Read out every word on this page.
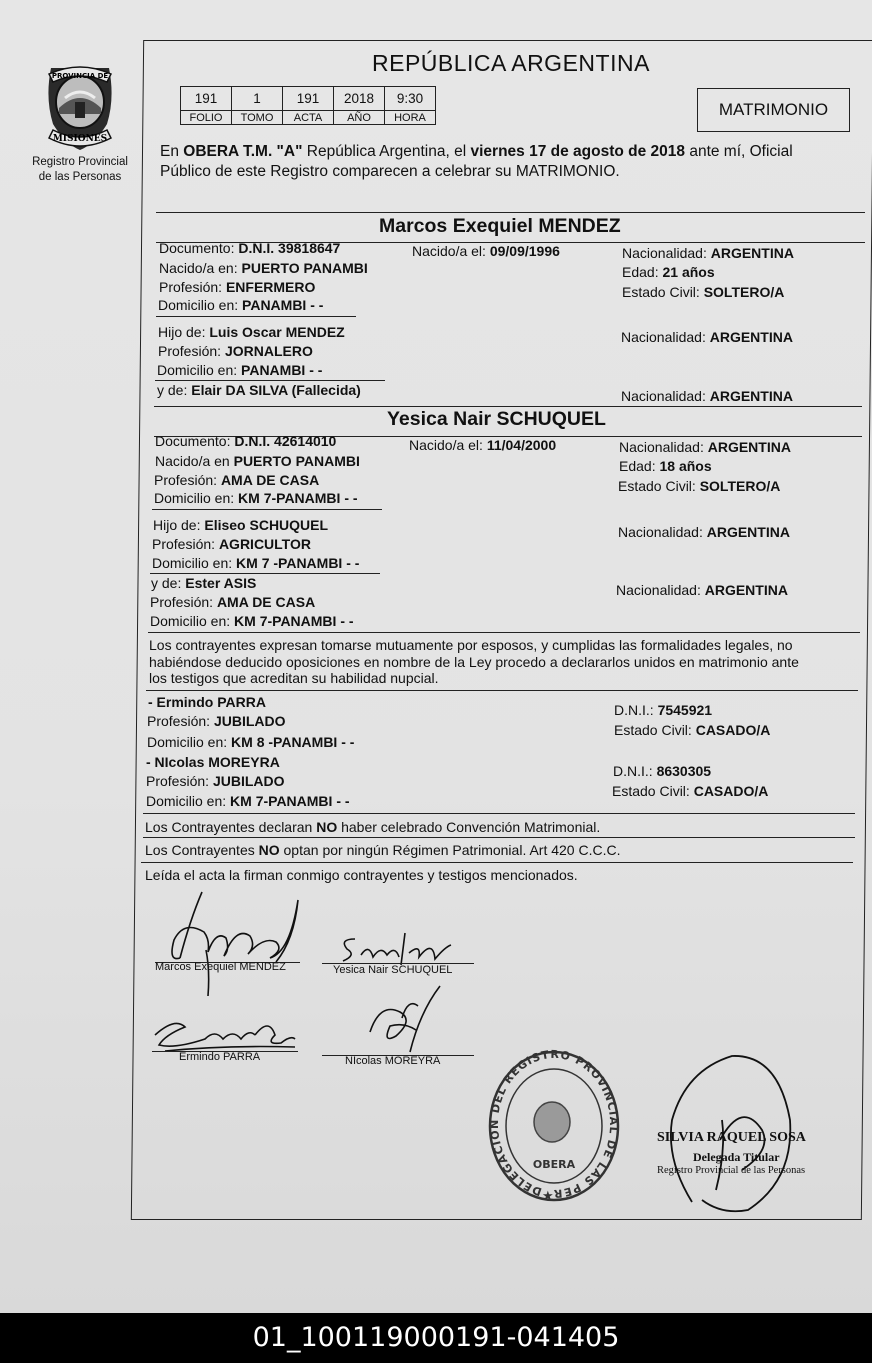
PROVINCIA DE
MISIONES
Registro Provincial
de las Personas
REPÚBLICA ARGENTINA
191	1	191	2018	9:30
FOLIO	TOMO	ACTA	AÑO	HORA	MATRIMONIO
En OBERA T.M. "A" República Argentina, el viernes 17 de agosto de 2018 ante mí, Oficial
Público de este Registro comparecen a celebrar su MATRIMONIO.
Marcos Exequiel MENDEZ
Documento: D.N.I. 39818647	Nacido/a el: 09/09/1996	Nacionalidad: ARGENTINA
Nacido/a en: PUERTO PANAMBI	Edad: 21 años
Profesión: ENFERMERO	Estado Civil: SOLTERO/A
Domicilio en: PANAMBI - -
Hijo de: Luis Oscar MENDEZ	Nacionalidad: ARGENTINA
Profesión: JORNALERO
Domicilio en: PANAMBI - -
y de: Elair DA SILVA (Fallecida)	Nacionalidad: ARGENTINA
Yesica Nair SCHUQUEL
Documento: D.N.I. 42614010	Nacido/a el: 11/04/2000	Nacionalidad: ARGENTINA
Nacido/a en PUERTO PANAMBI	Edad: 18 años
Profesión: AMA DE CASA	Estado Civil: SOLTERO/A
Domicilio en: KM 7-PANAMBI - -
Hijo de: Eliseo SCHUQUEL	Nacionalidad: ARGENTINA
Profesión: AGRICULTOR
Domicilio en: KM 7 -PANAMBI - -
y de: Ester ASIS	Nacionalidad: ARGENTINA
Profesión: AMA DE CASA
Domicilio en: KM 7-PANAMBI - -
Los contrayentes expresan tomarse mutuamente por esposos, y cumplidas las formalidades legales, no
habiéndose deducido oposiciones en nombre de la Ley procedo a declararlos unidos en matrimonio ante
los testigos que acreditan su habilidad nupcial.
- Ermindo PARRA	D.N.I.: 7545921
Profesión: JUBILADO
Estado Civil: CASADO/A
Domicilio en: KM 8 -PANAMBI - -
- NIcolas MOREYRA
D.N.I.: 8630305
Profesión: JUBILADO
Estado Civil: CASADO/A
Domicilio en: KM 7-PANAMBI - -
Los Contrayentes declaran NO haber celebrado Convención Matrimonial.
Los Contrayentes NO optan por ningún Régimen Patrimonial. Art 420 C.C.C.
Leída el acta la firman conmigo contrayentes y testigos mencionados.
Marcos Exequiel MENDEZ	Yesica Nair SCHUQUEL
Ermindo PARRA	NIcolas MOREYRA
DELEGACION DEL REGISTRO PROVINCIAL DE LAS PERSONAS
OBERA
★
SILVIA RAQUEL SOSA
Delegada Titular
Registro Provincial de las Personas
01_100119000191-041405
